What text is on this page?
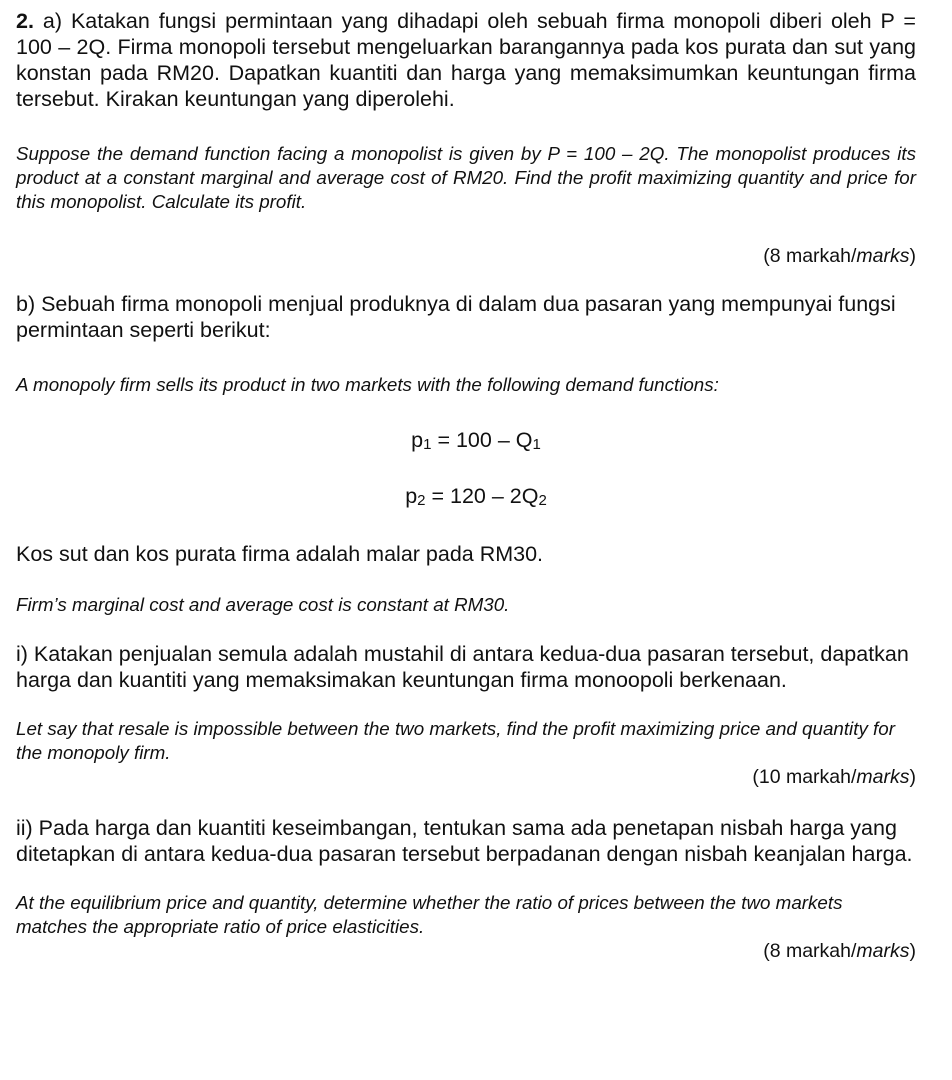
2. a) Katakan fungsi permintaan yang dihadapi oleh sebuah firma monopoli diberi oleh P = 100 – 2Q. Firma monopoli tersebut mengeluarkan barangannya pada kos purata dan sut yang konstan pada RM20. Dapatkan kuantiti dan harga yang memaksimumkan keuntungan firma tersebut. Kirakan keuntungan yang diperolehi.

Suppose the demand function facing a monopolist is given by P = 100 – 2Q. The monopolist produces its product at a constant marginal and average cost of RM20. Find the profit maximizing quantity and price for this monopolist. Calculate its profit.

(8 markah/marks)

b) Sebuah firma monopoli menjual produknya di dalam dua pasaran yang mempunyai fungsi permintaan seperti berikut:

A monopoly firm sells its product in two markets with the following demand functions:

p1 = 100 – Q1

p2 = 120 – 2Q2

Kos sut dan kos purata firma adalah malar pada RM30.

Firm’s marginal cost and average cost is constant at RM30.

i) Katakan penjualan semula adalah mustahil di antara kedua-dua pasaran tersebut, dapatkan harga dan kuantiti yang memaksimakan keuntungan firma monoopoli berkenaan.

Let say that resale is impossible between the two markets, find the profit maximizing price and quantity for the monopoly firm.

(10 markah/marks)

ii) Pada harga dan kuantiti keseimbangan, tentukan sama ada penetapan nisbah harga yang ditetapkan di antara kedua-dua pasaran tersebut berpadanan dengan nisbah keanjalan harga.

At the equilibrium price and quantity, determine whether the ratio of prices between the two markets matches the appropriate ratio of price elasticities.

(8 markah/marks)
